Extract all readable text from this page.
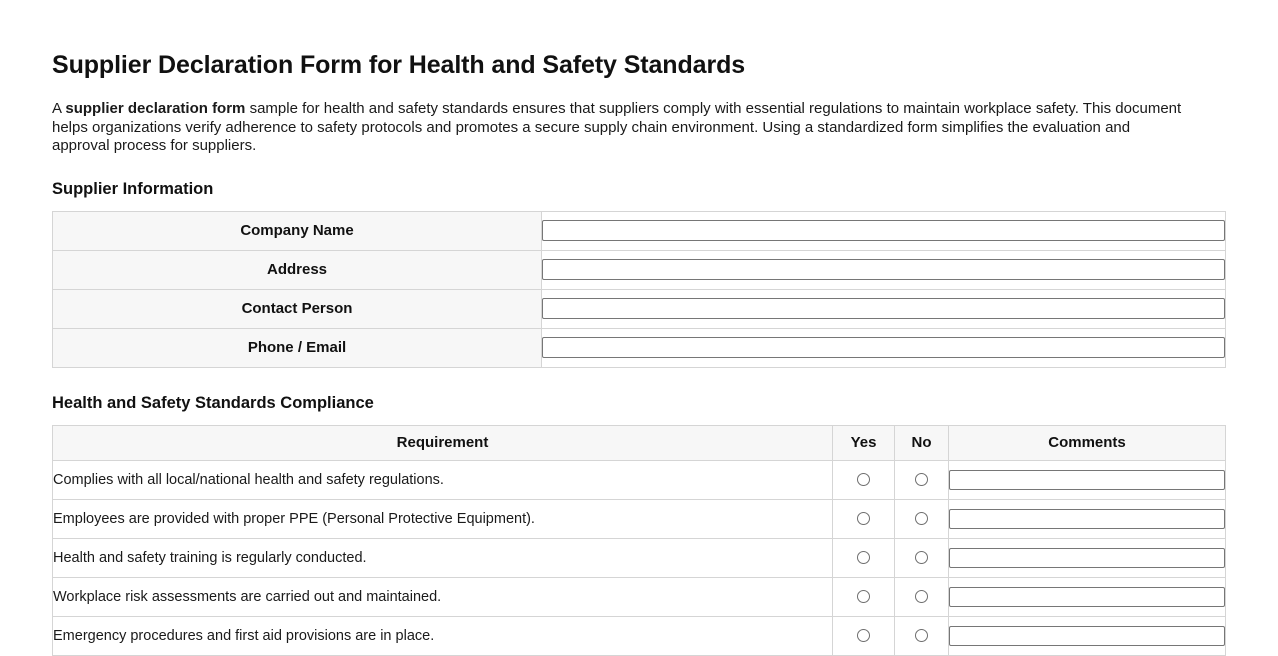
Supplier Declaration Form for Health and Safety Standards

A supplier declaration form sample for health and safety standards ensures that suppliers comply with essential regulations to maintain workplace safety. This document helps organizations verify adherence to safety protocols and promotes a secure supply chain environment. Using a standardized form simplifies the evaluation and approval process for suppliers.

Supplier Information
Company Name	
Address	
Contact Person	
Phone / Email	
Health and Safety Standards Compliance
Requirement	Yes	No	Comments
Complies with all local/national health and safety regulations.			
Employees are provided with proper PPE (Personal Protective Equipment).			
Health and safety training is regularly conducted.			
Workplace risk assessments are carried out and maintained.			
Emergency procedures and first aid provisions are in place.			
